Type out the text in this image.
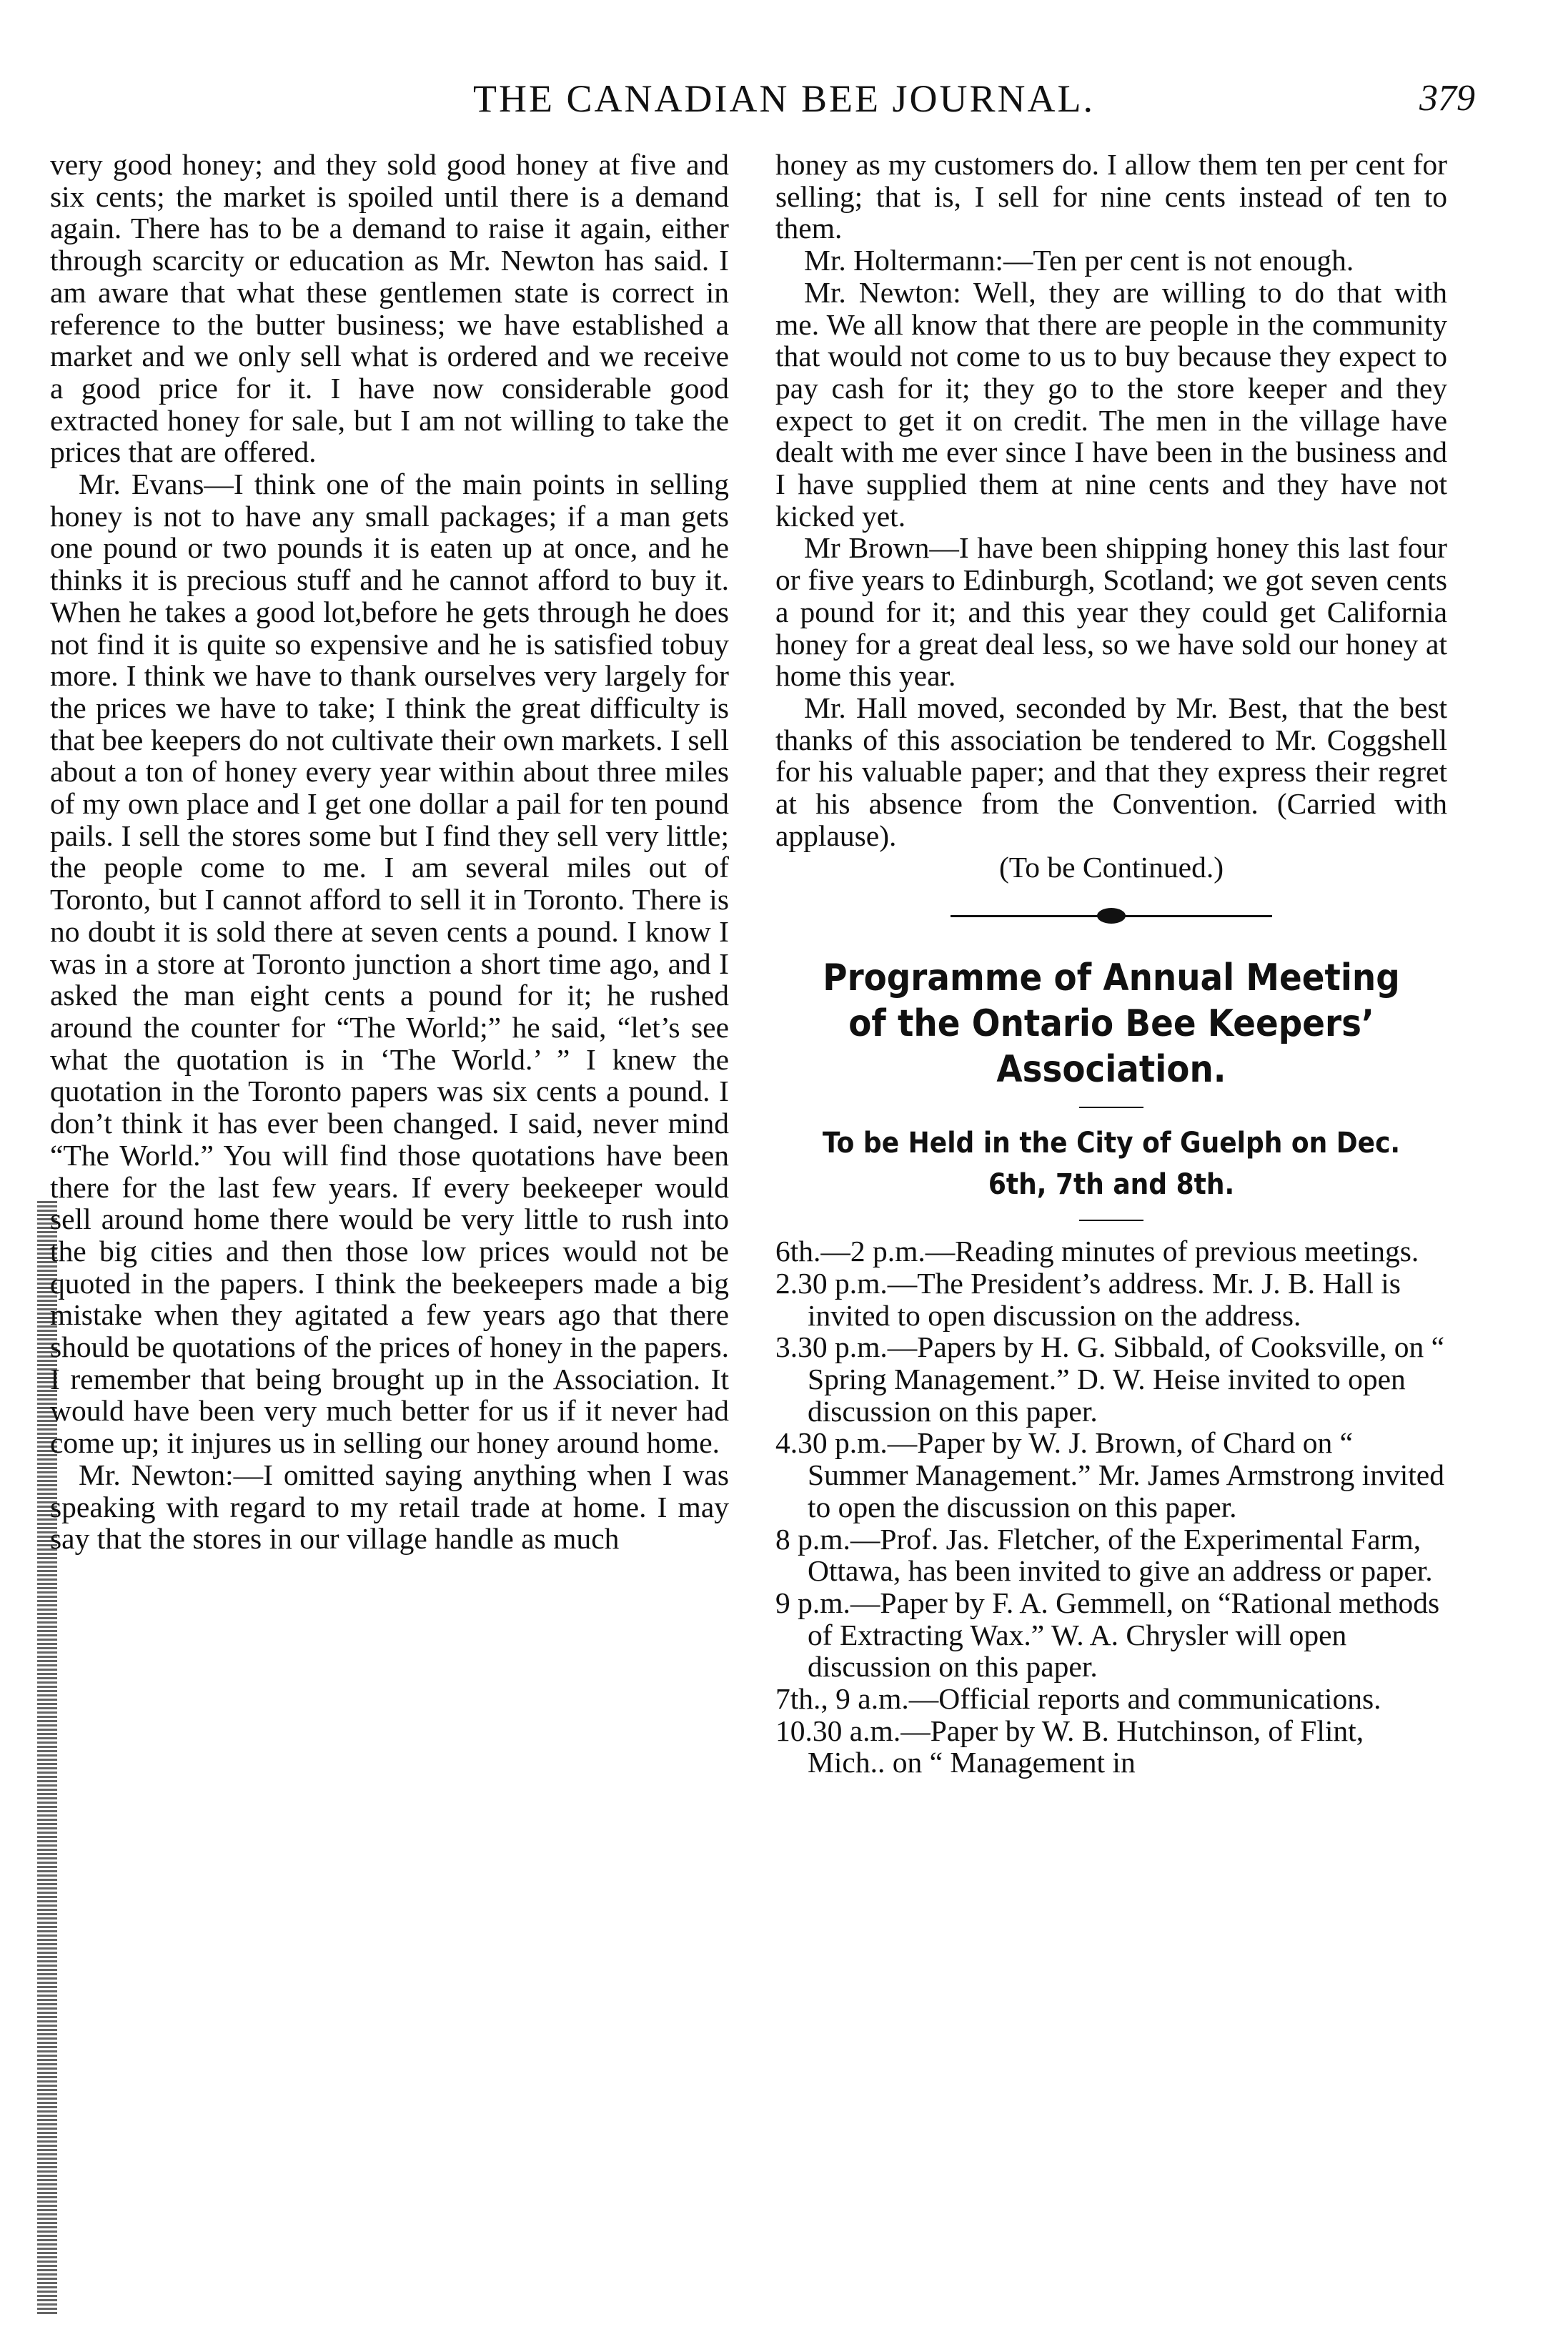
THE CANADIAN BEE JOURNAL.	379

very good honey; and they sold good honey at five and six cents; the market is spoiled until there is a demand again. There has to be a demand to raise it again, either through scarcity or education as Mr. Newton has said. I am aware that what these gentlemen state is correct in reference to the butter business; we have established a market and we only sell what is ordered and we receive a good price for it. I have now considerable good extracted honey for sale, but I am not willing to take the prices that are offered.

Mr. Evans—I think one of the main points in selling honey is not to have any small packages; if a man gets one pound or two pounds it is eaten up at once, and he thinks it is precious stuff and he cannot afford to buy it. When he takes a good lot,before he gets through he does not find it is quite so expensive and he is satisfied tobuy more. I think we have to thank ourselves very largely for the prices we have to take; I think the great difficulty is that bee keepers do not cultivate their own markets. I sell about a ton of honey every year within about three miles of my own place and I get one dollar a pail for ten pound pails. I sell the stores some but I find they sell very little; the people come to me. I am several miles out of Toronto, but I cannot afford to sell it in Toronto. There is no doubt it is sold there at seven cents a pound. I know I was in a store at Toronto junction a short time ago, and I asked the man eight cents a pound for it; he rushed around the counter for “The World;” he said, “let’s see what the quotation is in ‘The World.’ ” I knew the quotation in the Toronto papers was six cents a pound. I don’t think it has ever been changed. I said, never mind “The World.” You will find those quotations have been there for the last few years. If every beekeeper would sell around home there would be very little to rush into the big cities and then those low prices would not be quoted in the papers. I think the beekeepers made a big mistake when they agitated a few years ago that there should be quotations of the prices of honey in the papers. I remember that being brought up in the Association. It would have been very much better for us if it never had come up; it injures us in selling our honey around home.

Mr. Newton:—I omitted saying anything when I was speaking with regard to my retail trade at home. I may say that the stores in our village handle as much

honey as my customers do. I allow them ten per cent for selling; that is, I sell for nine cents instead of ten to them.

Mr. Holtermann:—Ten per cent is not enough.

Mr. Newton: Well, they are willing to do that with me. We all know that there are people in the community that would not come to us to buy because they expect to pay cash for it; they go to the store keeper and they expect to get it on credit. The men in the village have dealt with me ever since I have been in the business and I have supplied them at nine cents and they have not kicked yet.

Mr Brown—I have been shipping honey this last four or five years to Edinburgh, Scotland; we got seven cents a pound for it; and this year they could get California honey for a great deal less, so we have sold our honey at home this year.

Mr. Hall moved, seconded by Mr. Best, that the best thanks of this association be tendered to Mr. Coggshell for his valuable paper; and that they express their regret at his absence from the Convention. (Carried with applause).

(To be Continued.)

Programme of Annual Meeting of the Ontario Bee Keepers’ Association.
To be Held in the City of Guelph on Dec. 6th, 7th and 8th.

6th.—2 p.m.—Reading minutes of previous meetings.

2.30 p.m.—The President’s address. Mr. J. B. Hall is invited to open discussion on the address.

3.30 p.m.—Papers by H. G. Sibbald, of Cooksville, on “ Spring Management.” D. W. Heise invited to open discussion on this paper.

4.30 p.m.—Paper by W. J. Brown, of Chard on “ Summer Management.” Mr. James Armstrong invited to open the discussion on this paper.

8 p.m.—Prof. Jas. Fletcher, of the Experimental Farm, Ottawa, has been invited to give an address or paper.

9 p.m.—Paper by F. A. Gemmell, on “Rational methods of Extracting Wax.” W. A. Chrysler will open discussion on this paper.

7th., 9 a.m.—Official reports and communications.

10.30 a.m.—Paper by W. B. Hutchinson, of Flint, Mich.. on “ Management in
